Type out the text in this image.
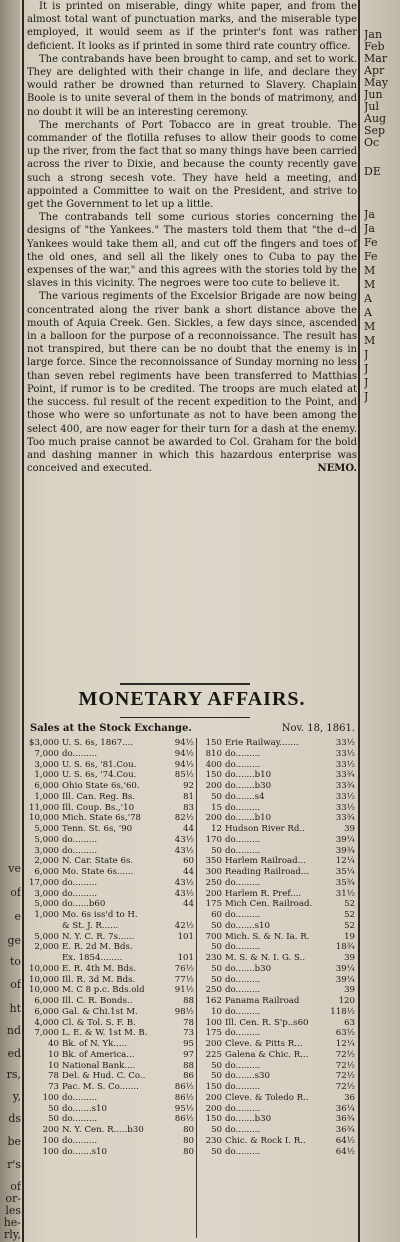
ve
of
e
ge
to
of
ht
nd
ed
rs,
y,
ds
be
r's
of
or-
les
he-
rly,

It is printed on miserable, dingy white paper, and from the almost total want of punctuation marks, and the miserable type employed, it would seem as if the printer's font was rather deficient. It looks as if printed in some third rate country office.

The contrabands have been brought to camp, and set to work. They are delighted with their change in life, and declare they would rather be drowned than returned to Slavery. Chaplain Boole is to unite several of them in the bonds of matrimony, and no doubt it will be an interesting ceremony.

The merchants of Port Tobacco are in great trouble. The commander of the flotilla refuses to allow their goods to come up the river, from the fact that so many things have been carried across the river to Dixie, and because the county recently gave such a strong secesh vote. They have held a meeting, and appointed a Committee to wait on the President, and strive to get the Government to let up a little.

The contrabands tell some curious stories concerning the designs of "the Yankees." The masters told them that "the d--d Yankees would take them all, and cut off the fingers and toes of the old ones, and sell all the likely ones to Cuba to pay the expenses of the war," and this agrees with the stories told by the slaves in this vicinity. The negroes were too cute to believe it.

The various regiments of the Excelsior Brigade are now being concentrated along the river bank a short distance above the mouth of Aquia Creek. Gen. Sickles, a few days since, ascended in a balloon for the purpose of a reconnoissance. The result has not transpired, but there can be no doubt that the enemy is in large force. Since the reconnoissance of Sunday morning no less than seven rebel regiments have been transferred to Matthias Point, if rumor is to be credited. The troops are much elated at the success. ful result of the recent expedition to the Point, and those who were so unfortunate as not to have been among the select 400, are now eager for their turn for a dash at the enemy. Too much praise cannot be awarded to Col. Graham for the bold and dashing manner in which this hazardous enterprise was conceived and executed.	NEMO.
MONETARY AFFAIRS.
Sales at the Stock Exchange.	Nov. 18, 1861.
$3,000 U. S. 6s, 1867....	94½
7,000 do.........	94½
3,000 U. S. 6s, '81.Cou.	94½
1,000 U. S. 6s, '74.Cou.	85½
6,000 Ohio State 6s,'60.	92
1,000 Ill. Can. Reg. Bs.	81
11,000 Ill. Coup. Bs.,'10	83
10,000 Mich. State 6s,'78	82½
5,000 Tenn. St. 6s, '90	44
5,000 do.........	43½
3,000 do.........	43½
2,000 N. Car. State 6s.	60
6,000 Mo. State 6s......	44
17,000 do.........	43½
3,000 do.........	43½
5,000 do......b60	44
1,000 Mo. 6s iss'd to H.
& St. J. R......	42½
5,000 N. Y. C. R. 7s......	101
2,000 E. R. 2d M. Bds.
Ex. 1854........	101
10,000 E. R. 4th M. Bds.	76½
10,000 Ill. R. 3d M. Bds.	77½
10,000 M. C 8 p.c. Bds.old	91½
6,000 Ill. C. R. Bonds..	88
6,000 Gal. & Chi.1st M.	98½
4,000 Cl. & Tol. S. F. B.	78
7,000 L. E. & W. 1st M. B.	73
40 Bk. of N. Yk.....	95
10 Bk. of America...	97
10 National Bank....	88
78 Del. & Hud. C. Co..	86
73 Pac. M. S. Co.......	86½
100 do.........	86½
50 do.......s10	95½
50 do.........	86½
200 N. Y. Cen. R.....b30	80
100 do.........	80
100 do.......s10	80
150 Erie Railway.......	33½
810 do.........	33½
400 do.........	33½
150 do.......b10	33¾
200 do.......b30	33¾
50 do.......s4	33½
15 do.........	33½
200 do.......b10	33¾
12 Hudson River Rd..	39
170 do.........	39¼
50 do.........	39¾
350 Harlem Railroad...	12¼
300 Reading Railroad...	35¼
250 do.........	35¾
200 Harlem R. Pref....	31½
175 Mich Cen. Railroad.	52
60 do.........	52
50 do.......s10	52
700 Mich. S. & N. Ia. R.	19
50 do.........	18¾
230 M. S. & N. I. G. S..	39
50 do.......b30	39¼
50 do.........	39¼
250 do.........	39
162 Panama Railroad	120
10 do.........	118½
100 Ill. Cen. R. S'p..s60	63
175 do.........	63½
200 Cleve. & Pitts R...	12¼
225 Galena & Chic. R...	72½
50 do.........	72½
50 do.......s30	72½
150 do.........	72½
200 Cleve. & Toledo R..	36
200 do.........	36¼
150 do.......b30	36¾
50 do.........	36¾
230 Chic. & Rock I. R..	64½
50 do.........	64½
Jan
Feb
Mar
Apr
May
Jun
Jul
Aug
Sep
Oc
DE
Ja
Ja
Fe
Fe
M
M
A
A
M
M
J
J
J
J
